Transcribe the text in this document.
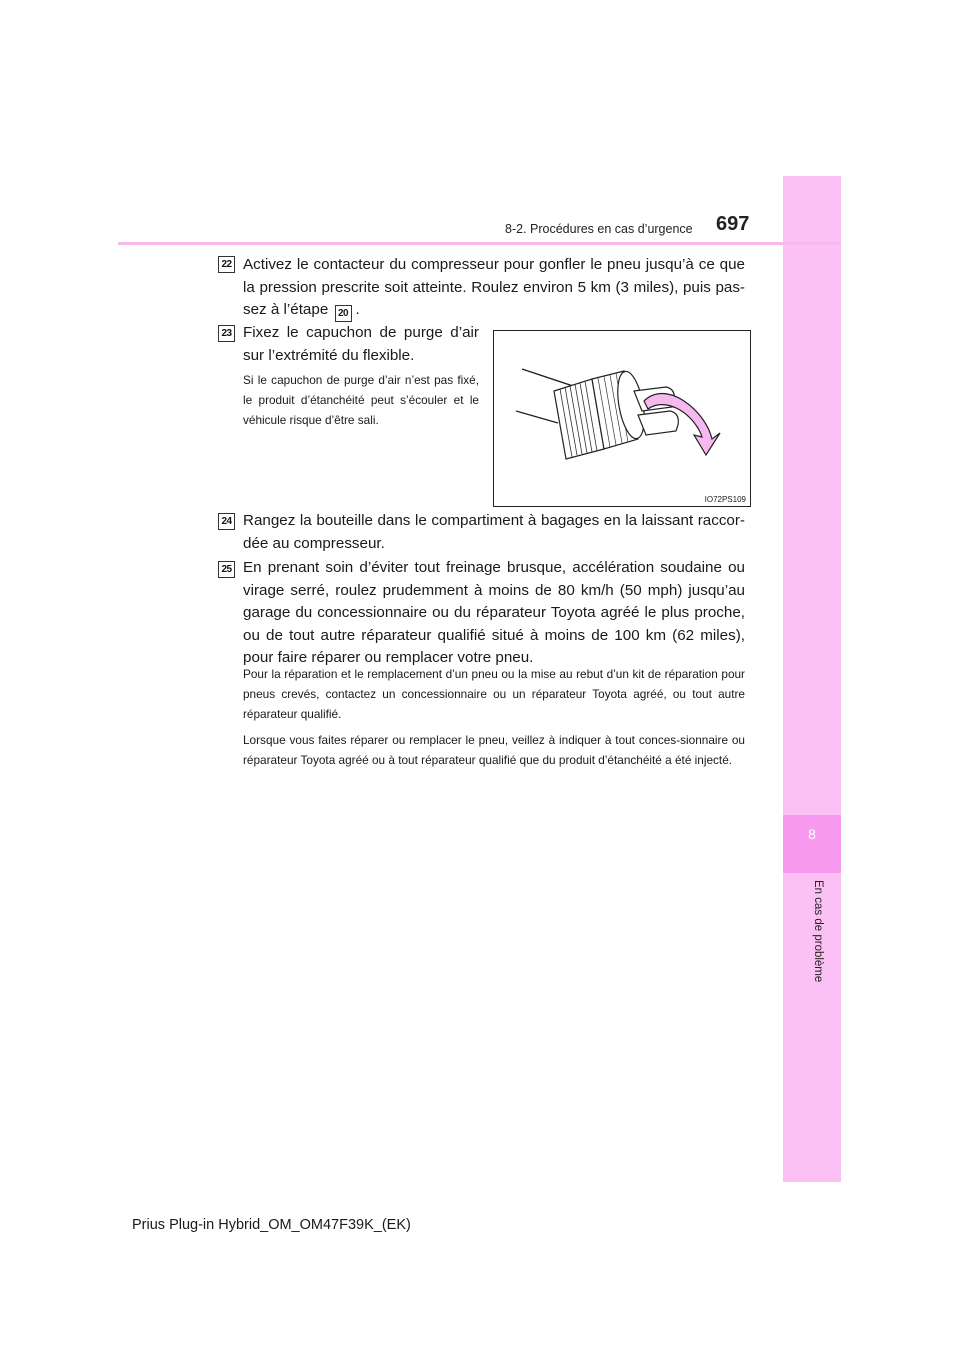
8
En cas de problème
8-2. Procédures en cas d’urgence 697
22 Activez le contacteur du compresseur pour gonfler le pneu jusqu’à ce que la pression prescrite soit atteinte. Roulez environ 5 km (3 miles), puis pas-sez à l’étape 20 .
23 Fixez le capuchon de purge d’air sur l’extrémité du flexible.
Si le capuchon de purge d’air n’est pas fixé, le produit d’étanchéité peut s’écouler et le véhicule risque d’être sali.
IO72PS109
24 Rangez la bouteille dans le compartiment à bagages en la laissant raccor-dée au compresseur.
25 En prenant soin d’éviter tout freinage brusque, accélération soudaine ou virage serré, roulez prudemment à moins de 80 km/h (50 mph) jusqu’au garage du concessionnaire ou du réparateur Toyota agréé le plus proche, ou de tout autre réparateur qualifié situé à moins de 100 km (62 miles), pour faire réparer ou remplacer votre pneu.
Pour la réparation et le remplacement d’un pneu ou la mise au rebut d’un kit de réparation pour pneus crevés, contactez un concessionnaire ou un réparateur Toyota agréé, ou tout autre réparateur qualifié.
Lorsque vous faites réparer ou remplacer le pneu, veillez à indiquer à tout conces-sionnaire ou réparateur Toyota agréé ou à tout réparateur qualifié que du produit d’étanchéité a été injecté.
Prius Plug-in Hybrid_OM_OM47F39K_(EK)
